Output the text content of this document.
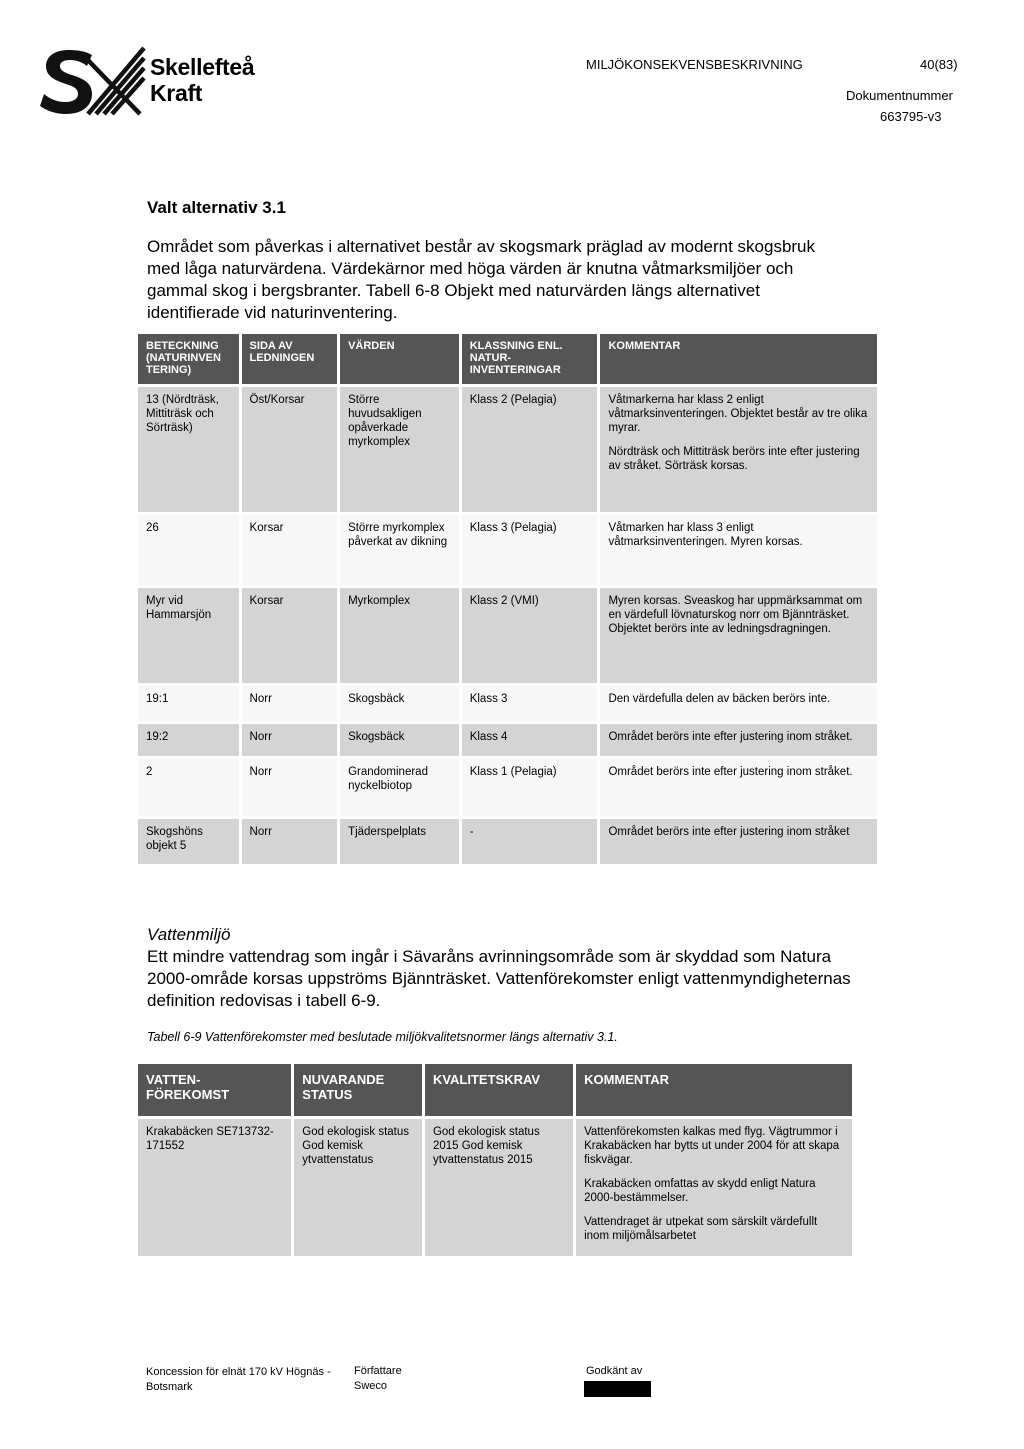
Skellefteå
Kraft
MILJÖKONSEKVENSBESKRIVNING	40(83)
Dokumentnummer
663795-v3
Valt alternativ 3.1
Området som påverkas i alternativet består av skogsmark präglad av modernt skogsbruk med låga naturvärdena. Värdekärnor med höga värden är knutna våtmarksmiljöer och gammal skog i bergsbranter. Tabell 6-8 Objekt med naturvärden längs alternativet identifierade vid naturinventering.
BETECKNING (NATURINVEN TERING)	SIDA AV LEDNINGEN	VÄRDEN	KLASSNING ENL. NATUR-INVENTERINGAR	KOMMENTAR
13 (Nördträsk, Mittiträsk och Sörträsk)	Öst/Korsar	Större huvudsakligen opåverkade myrkomplex	Klass 2 (Pelagia)	Våtmarkerna har klass 2 enligt våtmarksinventeringen. Objektet består av tre olika myrar.
Nördträsk och Mittiträsk berörs inte efter justering av stråket. Sörträsk korsas.

26	Korsar	Större myrkomplex påverkat av dikning	Klass 3 (Pelagia)	Våtmarken har klass 3 enligt våtmarksinventeringen. Myren korsas.
Myr vid Hammarsjön	Korsar	Myrkomplex	Klass 2 (VMI)	Myren korsas. Sveaskog har uppmärksammat om en värdefull lövnaturskog norr om Bjännträsket. Objektet berörs inte av ledningsdragningen.
19:1	Norr	Skogsbäck	Klass 3	Den värdefulla delen av bäcken berörs inte.
19:2	Norr	Skogsbäck	Klass 4	Området berörs inte efter justering inom stråket.
2	Norr	Grandominerad nyckelbiotop	Klass 1 (Pelagia)	Området berörs inte efter justering inom stråket.
Skogshöns objekt 5	Norr	Tjäderspelplats	-	Området berörs inte efter justering inom stråket
Vattenmiljö
Ett mindre vattendrag som ingår i Sävaråns avrinningsområde som är skyddad som Natura 2000-område korsas uppströms Bjännträsket. Vattenförekomster enligt vattenmyndigheternas definition redovisas i tabell 6-9.
Tabell 6-9 Vattenförekomster med beslutade miljökvalitetsnormer längs alternativ 3.1.
VATTEN-FÖREKOMST	NUVARANDE STATUS	KVALITETSKRAV	KOMMENTAR
Krakabäcken SE713732-171552	God ekologisk status God kemisk ytvattenstatus	God ekologisk status 2015 God kemisk ytvattenstatus 2015	Vattenförekomsten kalkas med flyg. Vägtrummor i Krakabäcken har bytts ut under 2004 för att skapa fiskvägar.
Krakabäcken omfattas av skydd enligt Natura 2000-bestämmelser.
Vattendraget är utpekat som särskilt värdefullt inom miljömålsarbetet
Koncession för elnät 170 kV Högnäs - Botsmark
Författare
Sweco
Godkänt av
